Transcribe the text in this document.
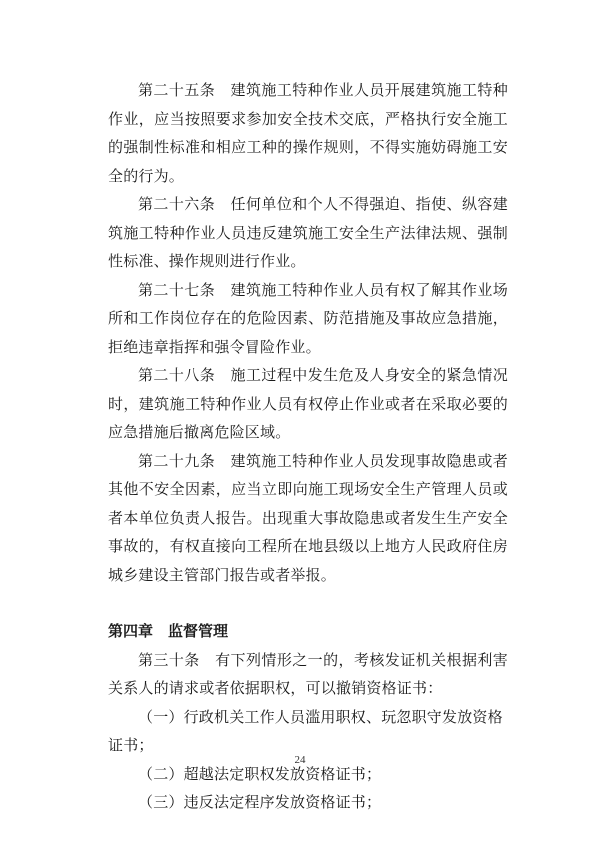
第二十五条　建筑施工特种作业人员开展建筑施工特种作业，应当按照要求参加安全技术交底，严格执行安全施工的强制性标准和相应工种的操作规则，不得实施妨碍施工安全的行为。

第二十六条　任何单位和个人不得强迫、指使、纵容建筑施工特种作业人员违反建筑施工安全生产法律法规、强制性标准、操作规则进行作业。

第二十七条　建筑施工特种作业人员有权了解其作业场所和工作岗位存在的危险因素、防范措施及事故应急措施，拒绝违章指挥和强令冒险作业。

第二十八条　施工过程中发生危及人身安全的紧急情况时，建筑施工特种作业人员有权停止作业或者在采取必要的应急措施后撤离危险区域。

第二十九条　建筑施工特种作业人员发现事故隐患或者其他不安全因素，应当立即向施工现场安全生产管理人员或者本单位负责人报告。出现重大事故隐患或者发生生产安全事故的，有权直接向工程所在地县级以上地方人民政府住房城乡建设主管部门报告或者举报。

第四章　监督管理

第三十条　有下列情形之一的，考核发证机关根据利害关系人的请求或者依据职权，可以撤销资格证书：

（一）行政机关工作人员滥用职权、玩忽职守发放资格证书；

（二）超越法定职权发放资格证书；

（三）违反法定程序发放资格证书；

24
